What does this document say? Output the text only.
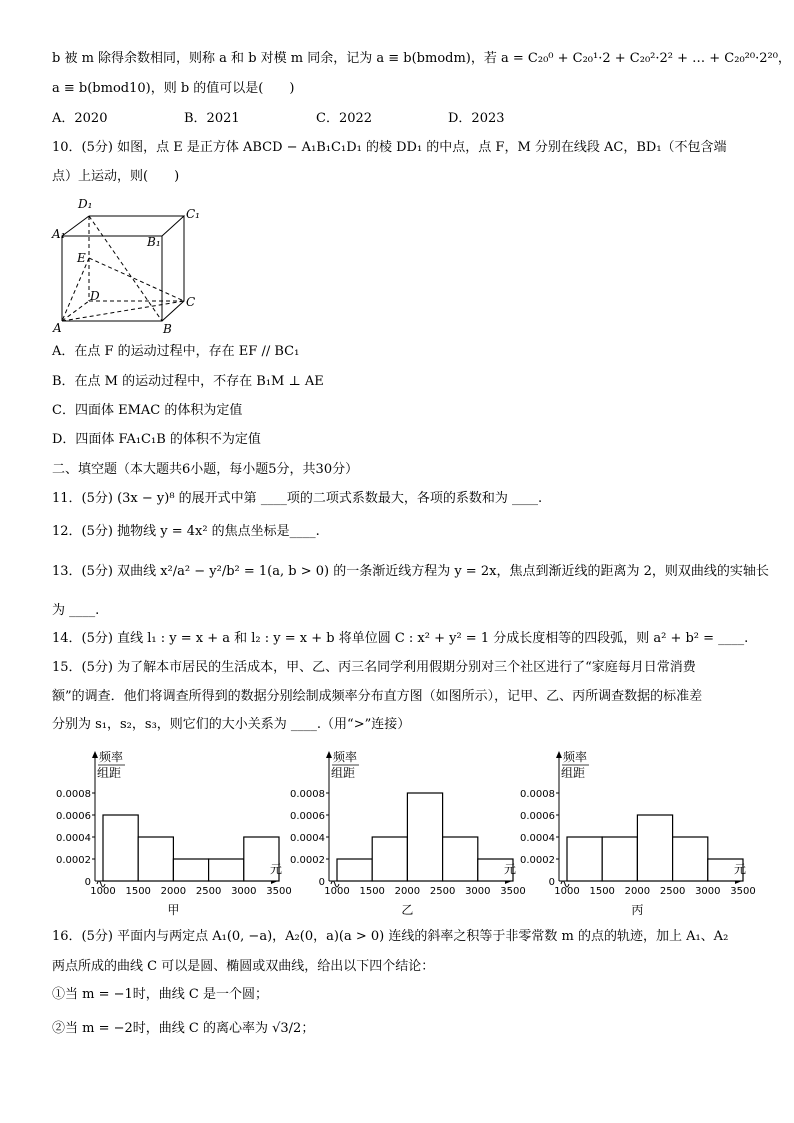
b 被 m 除得余数相同，则称 a 和 b 对模 m 同余，记为 a ≡ b(bmodm)，若 a = C₂₀⁰ + C₂₀¹·2 + C₂₀²·2² + … + C₂₀²⁰·2²⁰，
a ≡ b(bmod10)，则 b 的值可以是(　　)
A．2020	B．2021	C．2022	D．2023
10．(5分) 如图，点 E 是正方体 ABCD − A₁B₁C₁D₁ 的棱 DD₁ 的中点，点 F，M 分别在线段 AC，BD₁（不包含端
点）上运动，则(　　)
D₁
C₁
A₁
B₁
E
D	C
A	B
A．在点 F 的运动过程中，存在 EF // BC₁
B．在点 M 的运动过程中，不存在 B₁M ⊥ AE
C．四面体 EMAC 的体积为定值
D．四面体 FA₁C₁B 的体积不为定值
二、填空题（本大题共6小题，每小题5分，共30分）
11．(5分) (3x − y)⁸ 的展开式中第 ____项的二项式系数最大，各项的系数和为 ____.
12．(5分) 抛物线 y = 4x² 的焦点坐标是____.
13．(5分) 双曲线 x²/a² − y²/b² = 1(a, b > 0) 的一条渐近线方程为 y = 2x，焦点到渐近线的距离为 2，则双曲线的实轴长
为 ____.
14．(5分) 直线 l₁ : y = x + a 和 l₂ : y = x + b 将单位圆 C : x² + y² = 1 分成长度相等的四段弧，则 a² + b² = ____.
15．(5分) 为了解本市居民的生活成本，甲、乙、丙三名同学利用假期分别对三个社区进行了“家庭每月日常消费
额”的调查．他们将调查所得到的数据分别绘制成频率分布直方图（如图所示），记甲、乙、丙所调查数据的标准差
分别为 s₁，s₂，s₃，则它们的大小关系为 ____.（用“>”连接）
频率
组距
0
0.0002
0.0004
0.0006
0.0008
1000 1500 2000 2500 3000 3500
元
甲
频率
组距
0
0.0002
0.0004
0.0006
0.0008
1000 1500 2000 2500 3000 3500
元
乙
频率
组距
0
0.0002
0.0004
0.0006
0.0008
1000 1500 2000 2500 3000 3500
元
丙
16．(5分) 平面内与两定点 A₁(0, −a)，A₂(0，a)(a > 0) 连线的斜率之积等于非零常数 m 的点的轨迹，加上 A₁、A₂
两点所成的曲线 C 可以是圆、椭圆或双曲线，给出以下四个结论：
①当 m = −1时，曲线 C 是一个圆；
②当 m = −2时，曲线 C 的离心率为 √3/2；
